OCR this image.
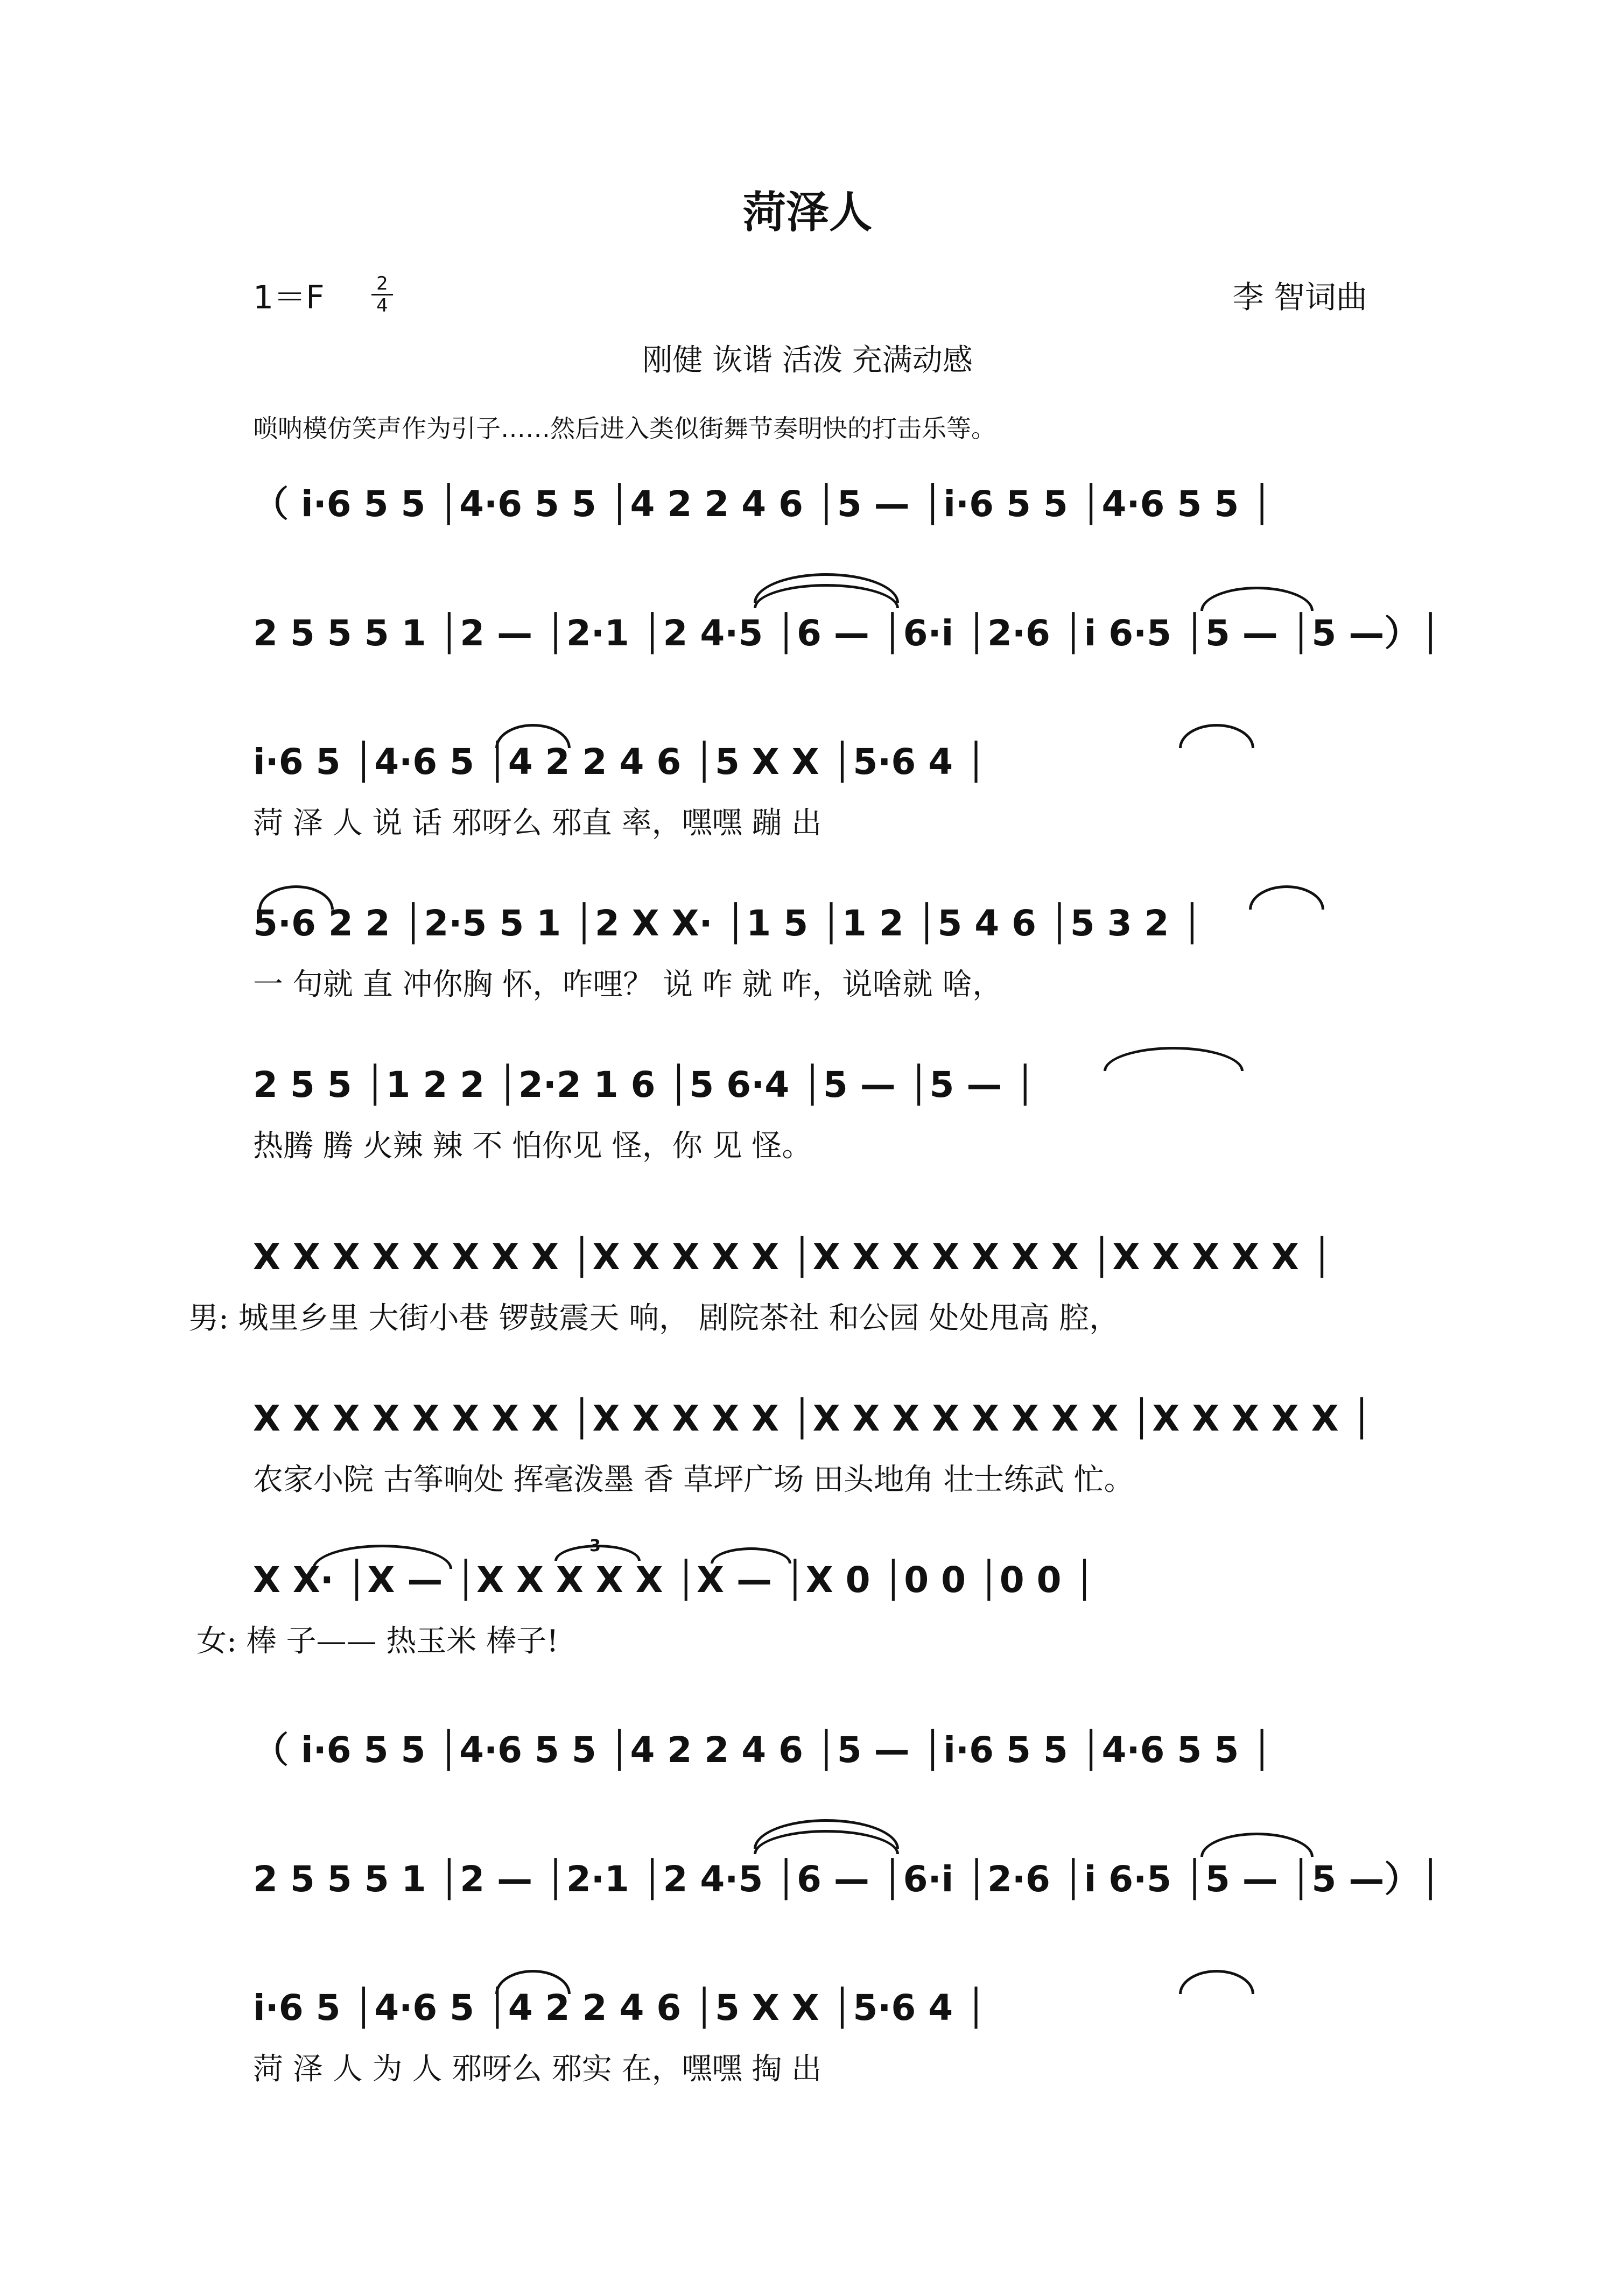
菏泽人
1＝F	2
4	李 智词曲
刚健 诙谐 活泼 充满动感
唢呐模仿笑声作为引子……然后进入类似街舞节奏明快的打击乐等。
（ i·6 5 5 │4·6 5 5 │4 2 2 4 6 │5 — │i·6 5 5 │4·6 5 5 │
2 5 5 5 1 │2 — │2·1 │2 4·5 │6 — │6·i │2·6 │i 6·5 │5 — │5 —）│
i·6 5 │4·6 5 │4 2 2 4 6 │5 X X │5·6 4 │
菏 泽 人 说 话 邪呀么 邪直 率，嘿嘿 蹦 出
5·6 2 2 │2·5 5 1 │2 X X· │1 5 │1 2 │5 4 6 │5 3 2 │
一 句就 直 冲你胸 怀，咋哩？ 说 咋 就 咋，说啥就 啥，
2 5 5 │1 2 2 │2·2 1 6 │5 6·4 │5 — │5 — │
热腾 腾 火辣 辣 不 怕你见 怪，你 见 怪。
X X X X X X X X │X X X X X │X X X X X X X │X X X X X │
男: 城里乡里 大街小巷 锣鼓震天 响， 剧院茶社 和公园 处处甩高 腔，
X X X X X X X X │X X X X X │X X X X X X X X │X X X X X │
农家小院 古筝响处 挥毫泼墨 香 草坪广场 田头地角 壮士练武 忙。
X X· │X — │X X X X X │X — │X 0 │0 0 │0 0 │
女: 棒 子—— 热玉米 棒子!
3
（ i·6 5 5 │4·6 5 5 │4 2 2 4 6 │5 — │i·6 5 5 │4·6 5 5 │
2 5 5 5 1 │2 — │2·1 │2 4·5 │6 — │6·i │2·6 │i 6·5 │5 — │5 —）│
i·6 5 │4·6 5 │4 2 2 4 6 │5 X X │5·6 4 │
菏 泽 人 为 人 邪呀么 邪实 在，嘿嘿 掏 出
